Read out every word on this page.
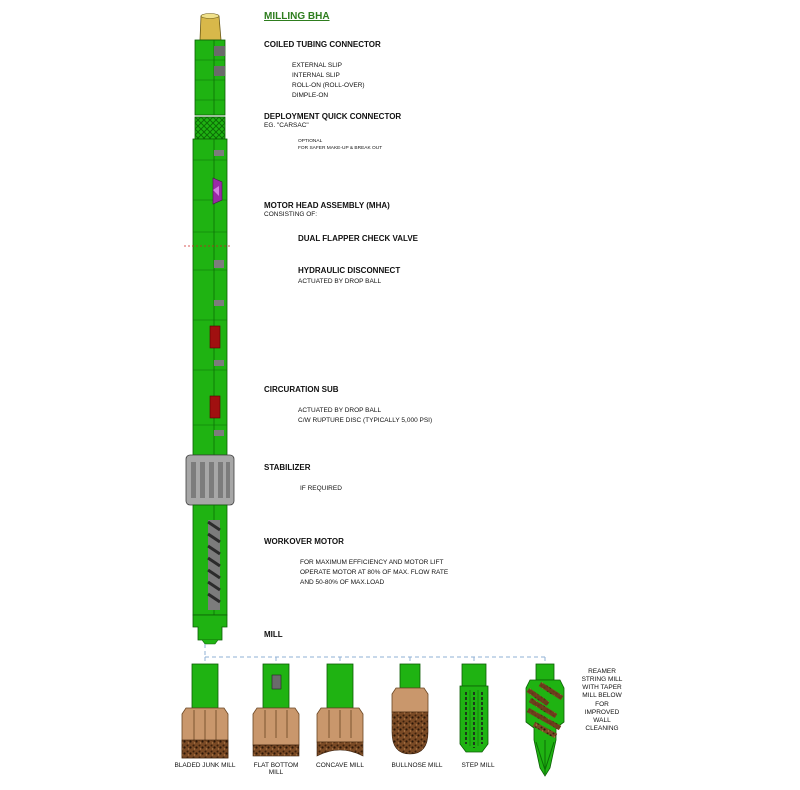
MILLING BHA
COILED TUBING CONNECTOR
EXTERNAL SLIP
INTERNAL SLIP
ROLL-ON (ROLL-OVER)
DIMPLE-ON
DEPLOYMENT QUICK CONNECTOR
EG. "CARSAC"
OPTIONAL
FOR SAFER MAKE-UP & BREAK OUT
MOTOR HEAD ASSEMBLY (MHA)
CONSISTING OF:
DUAL FLAPPER CHECK VALVE
HYDRAULIC DISCONNECT
ACTUATED BY DROP BALL
CIRCURATION SUB
ACTUATED BY DROP BALL
C/W RUPTURE DISC (TYPICALLY 5,000 PSI)
STABILIZER
IF REQUIRED
WORKOVER MOTOR
FOR MAXIMUM EFFICIENCY AND MOTOR LIFT
OPERATE MOTOR AT 80% OF MAX. FLOW RATE
AND 50-80% OF MAX.LOAD
MILL
BLADED JUNK MILL	FLAT BOTTOM
MILL
CONCAVE MILL	BULLNOSE MILL	STEP MILL
REAMER
STRING MILL
WITH TAPER
MILL BELOW
FOR
IMPROVED
WALL
CLEANING
